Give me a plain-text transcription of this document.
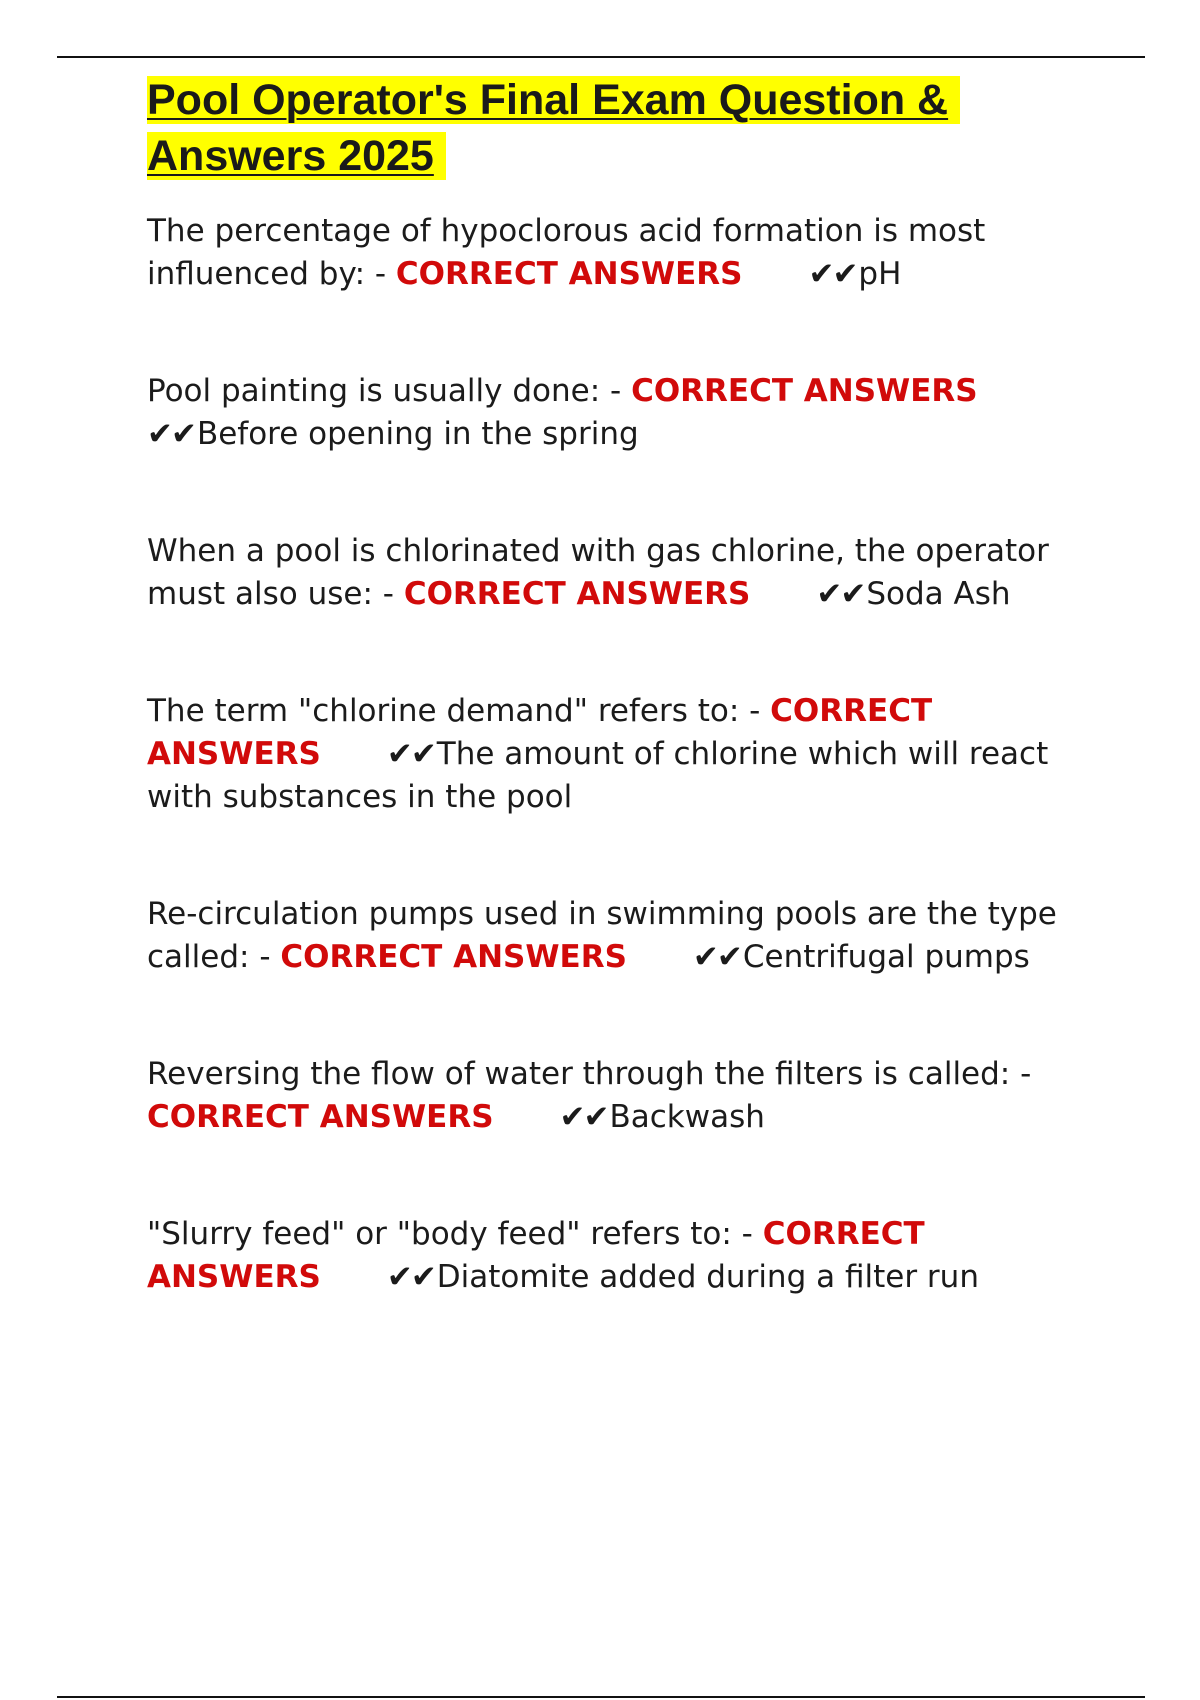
Pool Operator's Final Exam Question & Answers 2025

The percentage of hypoclorous acid formation is most influenced by: - CORRECT ANSWERS ✔✔pH

Pool painting is usually done: - CORRECT ANSWERS
✔✔Before opening in the spring

When a pool is chlorinated with gas chlorine, the operator must also use: - CORRECT ANSWERS ✔✔Soda Ash

The term "chlorine demand" refers to: - CORRECT ANSWERS ✔✔The amount of chlorine which will react with substances in the pool

Re-circulation pumps used in swimming pools are the type called: - CORRECT ANSWERS ✔✔Centrifugal pumps

Reversing the flow of water through the filters is called: - CORRECT ANSWERS ✔✔Backwash

"Slurry feed" or "body feed" refers to: - CORRECT ANSWERS ✔✔Diatomite added during a filter run
